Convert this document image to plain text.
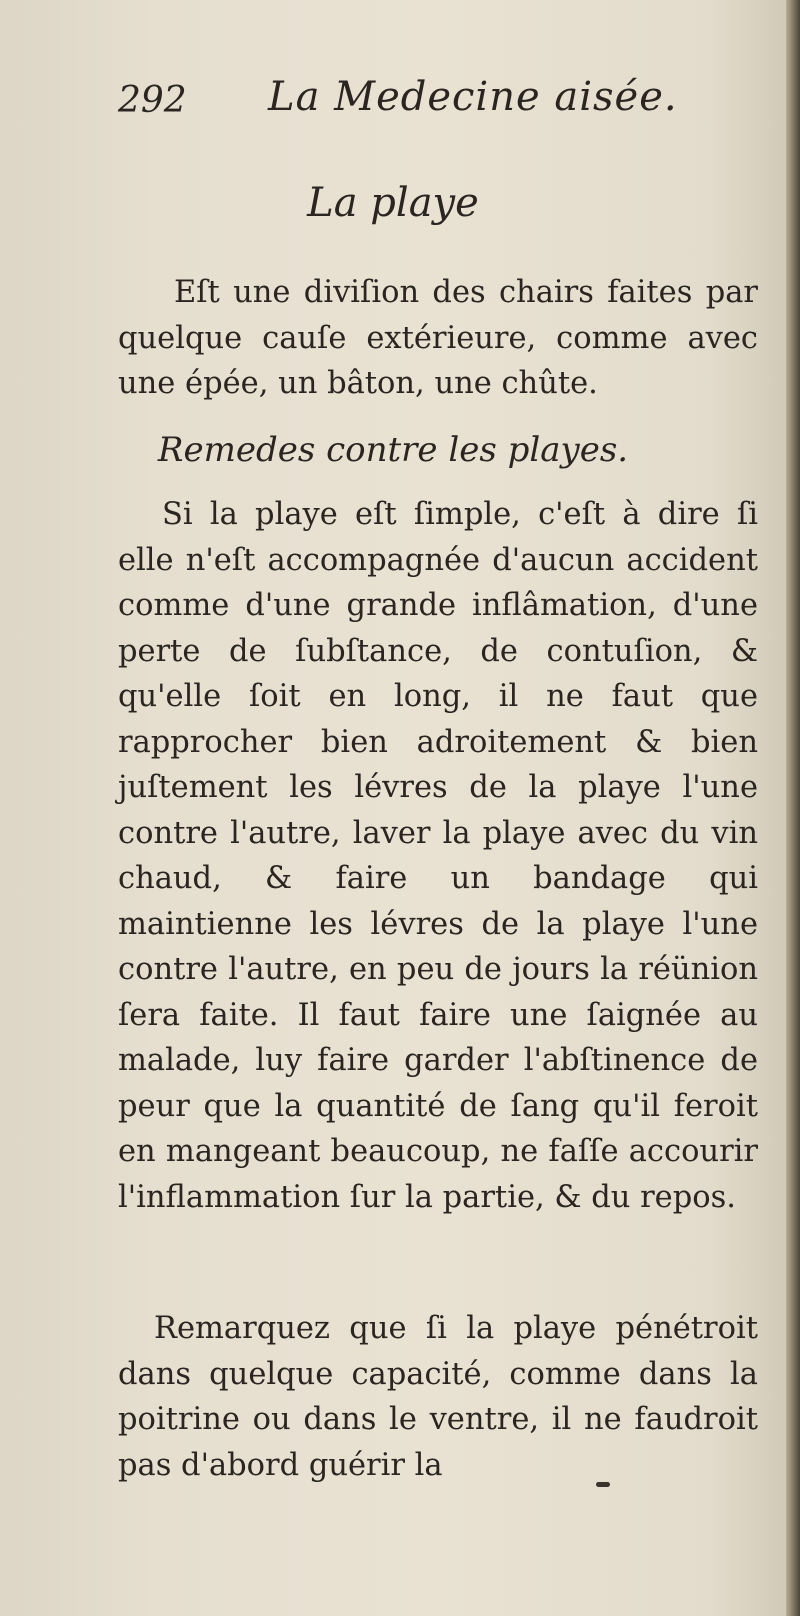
292 La Medecine aisée.
La playe

Eſt une diviſion des chairs faites par quelque cauſe extérieure, comme avec une épée, un bâton, une chûte.

Remedes contre les playes.

Si la playe eſt ſimple, c'eſt à dire ſi elle n'eſt accompagnée d'aucun accident comme d'une grande inflâmation, d'une perte de ſubſtance, de contuſion, & qu'elle ſoit en long, il ne faut que rapprocher bien adroitement & bien juſtement les lévres de la playe l'une contre l'autre, laver la playe avec du vin chaud, & faire un bandage qui maintienne les lévres de la playe l'une contre l'autre, en peu de jours la réünion ſera faite. Il faut faire une ſaignée au malade, luy faire garder l'abſtinence de peur que la quantité de ſang qu'il feroit en mangeant beaucoup, ne faſſe accourir l'inflammation ſur la partie, & du repos.

Remarquez que ſi la playe pénétroit dans quelque capacité, comme dans la poitrine ou dans le ventre, il ne faudroit pas d'abord guérir la
